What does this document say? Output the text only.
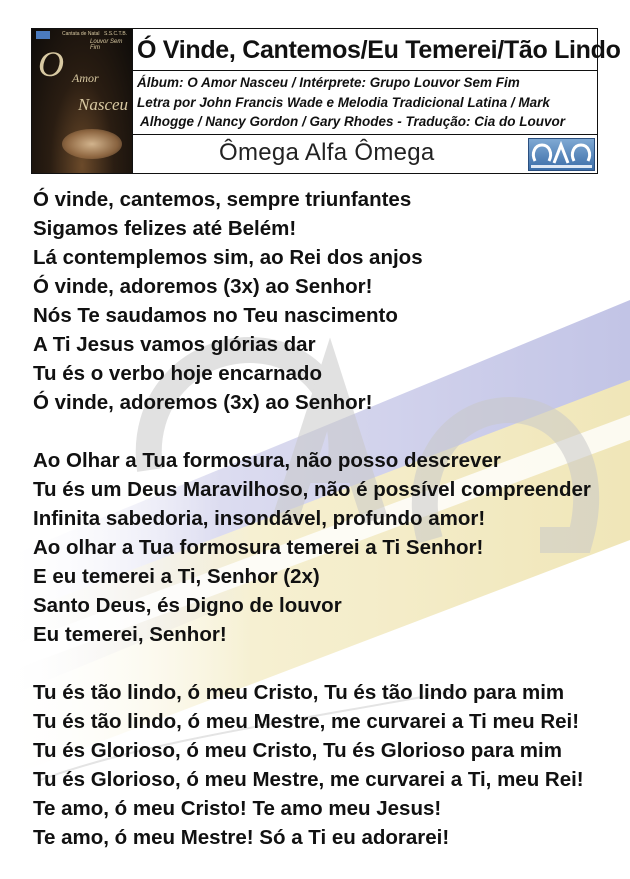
Cantata de Natal S.S.C.T.B.
Louvor Sem Fim
O Amor
Nasceu
Ó Vinde, Cantemos/Eu Temerei/Tão Lindo
Álbum: O Amor Nasceu / Intérprete: Grupo Louvor Sem Fim
Letra por John Francis Wade e Melodia Tradicional Latina / Mark
Alhogge / Nancy Gordon / Gary Rhodes - Tradução: Cia do Louvor
Ômega Alfa Ômega
Ó vinde, cantemos, sempre triunfantes
Sigamos felizes até Belém!
Lá contemplemos sim, ao Rei dos anjos
Ó vinde, adoremos (3x) ao Senhor!
Nós Te saudamos no Teu nascimento
A Ti Jesus vamos glórias dar
Tu és o verbo hoje encarnado
Ó vinde, adoremos (3x) ao Senhor!
Ao Olhar a Tua formosura, não posso descrever
Tu és um Deus Maravilhoso, não é possível compreender
Infinita sabedoria, insondável, profundo amor!
Ao olhar a Tua formosura temerei a Ti Senhor!
E eu temerei a Ti, Senhor (2x)
Santo Deus, és Digno de louvor
Eu temerei, Senhor!
Tu és tão lindo, ó meu Cristo, Tu és tão lindo para mim
Tu és tão lindo, ó meu Mestre, me curvarei a Ti meu Rei!
Tu és Glorioso, ó meu Cristo, Tu és Glorioso para mim
Tu és Glorioso, ó meu Mestre, me curvarei a Ti, meu Rei!
Te amo, ó meu Cristo! Te amo meu Jesus!
Te amo, ó meu Mestre! Só a Ti eu adorarei!
